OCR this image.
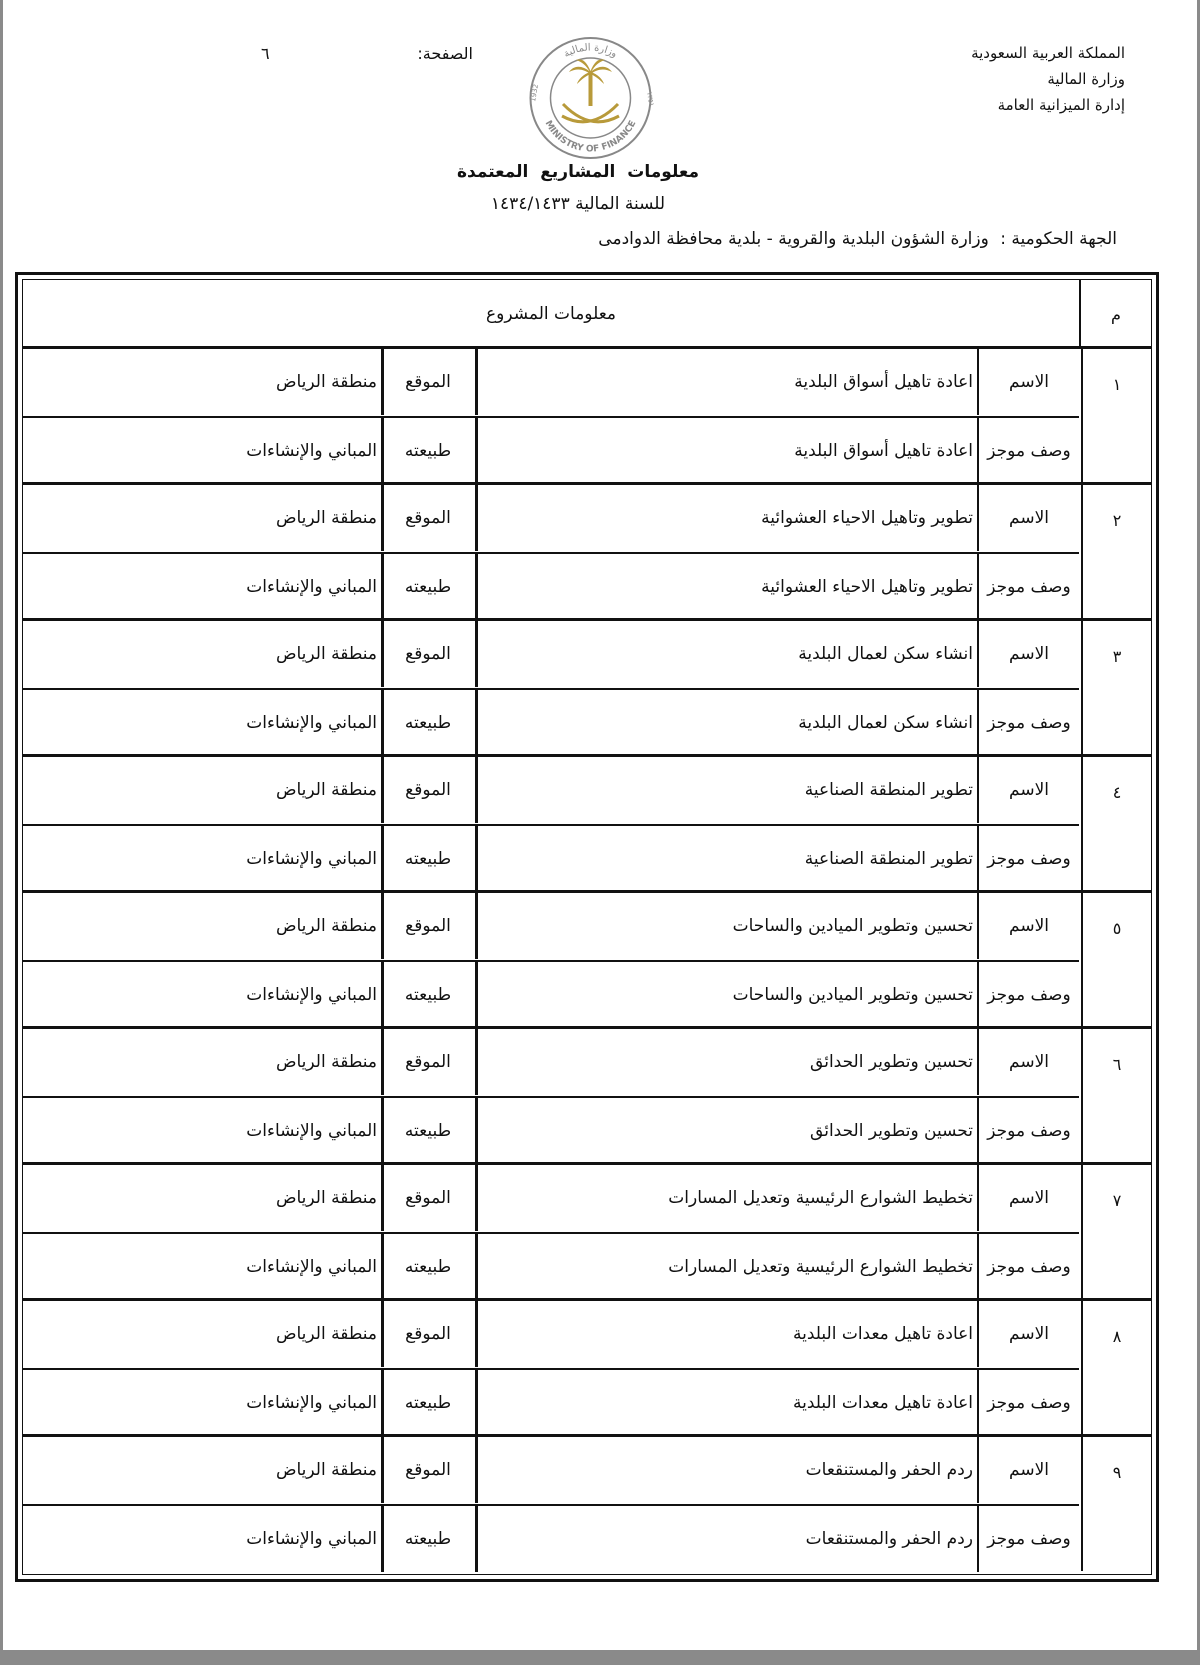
المملكة العربية السعودية
وزارة المالية
إدارة الميزانية العامة
الصفحة:
٦	وزارة المالية
MINISTRY OF FINANCE
1932	١٣٥١
معلومات المشاريع المعتمدة
للسنة المالية ١٤٣٤/١٤٣٣
الجهة الحكومية : وزارة الشؤون البلدية والقروية - بلدية محافظة الدوادمى
م
معلومات المشروع
١
الاسم
اعادة تاهيل أسواق البلدية
الموقع
منطقة الرياض
وصف موجز
اعادة تاهيل أسواق البلدية
طبيعته
المباني والإنشاءات
٢
الاسم
تطوير وتاهيل الاحياء العشوائية
الموقع
منطقة الرياض
وصف موجز
تطوير وتاهيل الاحياء العشوائية
طبيعته
المباني والإنشاءات
٣
الاسم
انشاء سكن لعمال البلدية
الموقع
منطقة الرياض
وصف موجز
انشاء سكن لعمال البلدية
طبيعته
المباني والإنشاءات
٤
الاسم
تطوير المنطقة الصناعية
الموقع
منطقة الرياض
وصف موجز
تطوير المنطقة الصناعية
طبيعته
المباني والإنشاءات
٥
الاسم
تحسين وتطوير الميادين والساحات
الموقع
منطقة الرياض
وصف موجز
تحسين وتطوير الميادين والساحات
طبيعته
المباني والإنشاءات
٦
الاسم
تحسين وتطوير الحدائق
الموقع
منطقة الرياض
وصف موجز
تحسين وتطوير الحدائق
طبيعته
المباني والإنشاءات
٧
الاسم
تخطيط الشوارع الرئيسية وتعديل المسارات
الموقع
منطقة الرياض
وصف موجز
تخطيط الشوارع الرئيسية وتعديل المسارات
طبيعته
المباني والإنشاءات
٨
الاسم
اعادة تاهيل معدات البلدية
الموقع
منطقة الرياض
وصف موجز
اعادة تاهيل معدات البلدية
طبيعته
المباني والإنشاءات
٩
الاسم
ردم الحفر والمستنقعات
الموقع
منطقة الرياض
وصف موجز
ردم الحفر والمستنقعات
طبيعته
المباني والإنشاءات
